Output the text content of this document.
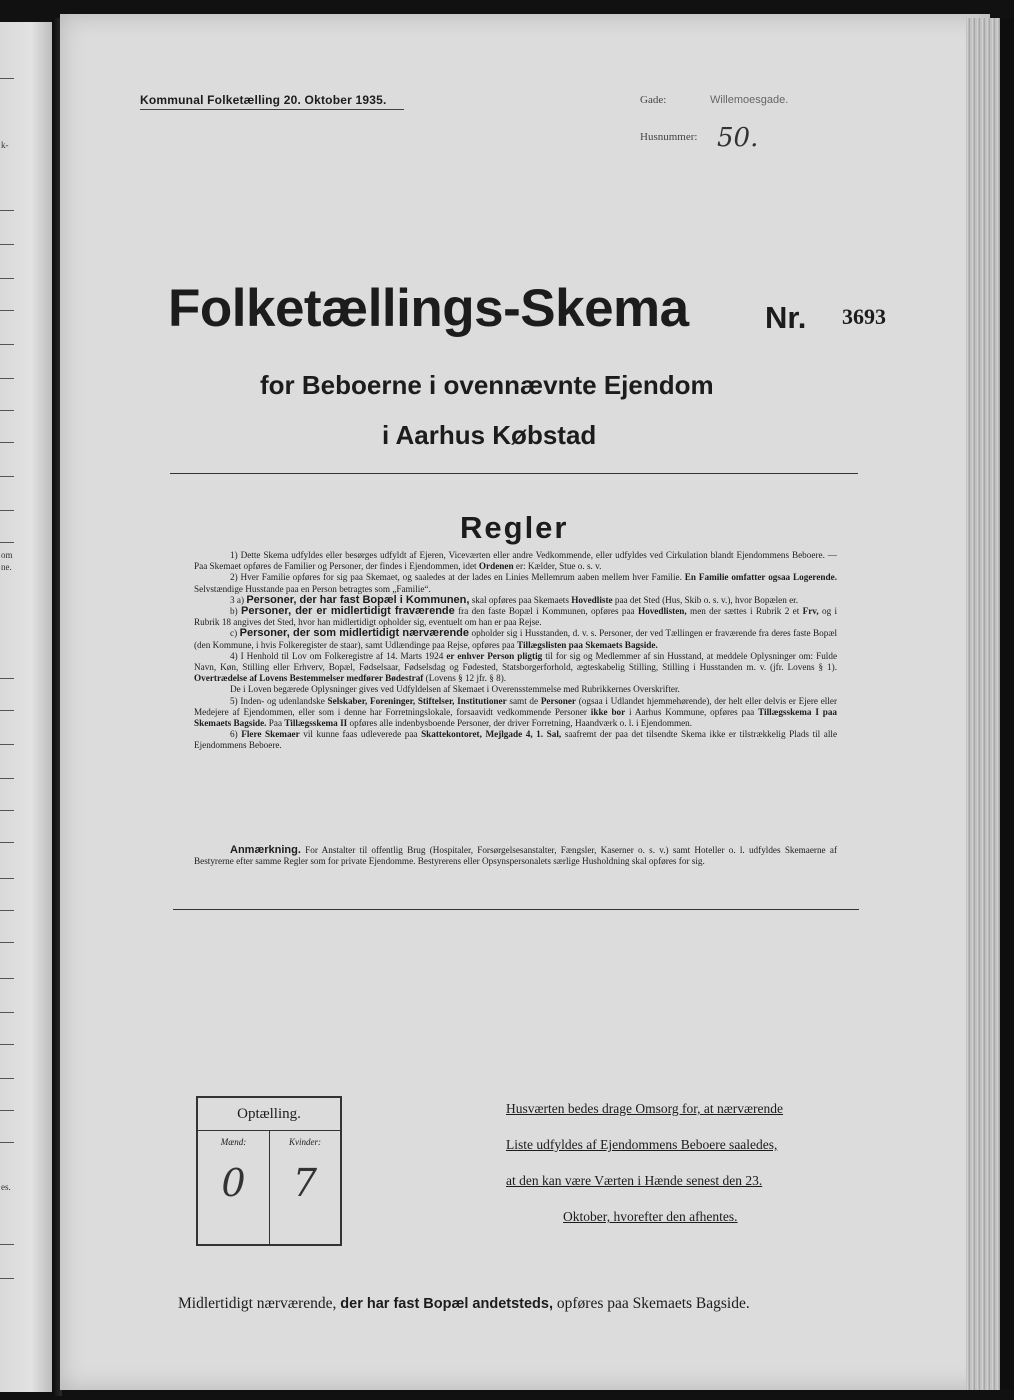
k-
om
ne.
es.
Kommunal Folketælling 20. Oktober 1935.	Gade:	Willemoesgade.
Husnummer: 50.
Folketællings-Skema Nr. 3693
for Beboerne i ovennævnte Ejendom
i Aarhus Købstad
Regler

1) Dette Skema udfyldes eller besørges udfyldt af Ejeren, Viceværten eller andre Vedkommende, eller udfyldes ved Cirkulation blandt Ejendommens Beboere. — Paa Skemaet opføres de Familier og Personer, der findes i Ejendommen, idet Ordenen er: Kælder, Stue o. s. v.

2) Hver Familie opføres for sig paa Skemaet, og saaledes at der lades en Linies Mellemrum aaben mellem hver Familie. En Familie omfatter ogsaa Logerende. Selvstændige Husstande paa en Person betragtes som „Familie“.

3 a) Personer, der har fast Bopæl i Kommunen, skal opføres paa Skemaets Hovedliste paa det Sted (Hus, Skib o. s. v.), hvor Bopælen er.

b) Personer, der er midlertidigt fraværende fra den faste Bopæl i Kommunen, opføres paa Hovedlisten, men der sættes i Rubrik 2 et Frv, og i Rubrik 18 angives det Sted, hvor han midlertidigt opholder sig, eventuelt om han er paa Rejse.

c) Personer, der som midlertidigt nærværende opholder sig i Husstanden, d. v. s. Personer, der ved Tællingen er fraværende fra deres faste Bopæl (den Kommune, i hvis Folkeregister de staar), samt Udlændinge paa Rejse, opføres paa Tillægslisten paa Skemaets Bagside.

4) I Henhold til Lov om Folkeregistre af 14. Marts 1924 er enhver Person pligtig til for sig og Medlemmer af sin Husstand, at meddele Oplysninger om: Fulde Navn, Køn, Stilling eller Erhverv, Bopæl, Fødselsaar, Fødselsdag og Fødested, Statsborgerforhold, ægteskabelig Stilling, Stilling i Husstanden m. v. (jfr. Lovens § 1). Overtrædelse af Lovens Bestemmelser medfører Bødestraf (Lovens § 12 jfr. § 8).

De i Loven begærede Oplysninger gives ved Udfyldelsen af Skemaet i Overensstemmelse med Rubrikkernes Overskrifter.

5) Inden- og udenlandske Selskaber, Foreninger, Stiftelser, Institutioner samt de Personer (ogsaa i Udlandet hjemmehørende), der helt eller delvis er Ejere eller Medejere af Ejendommen, eller som i denne har Forretningslokale, forsaavidt vedkommende Personer ikke bor i Aarhus Kommune, opføres paa Tillægsskema I paa Skemaets Bagside. Paa Tillægsskema II opføres alle indenbysboende Personer, der driver Forretning, Haandværk o. l. i Ejendommen.

6) Flere Skemaer vil kunne faas udleverede paa Skattekontoret, Mejlgade 4, 1. Sal, saafremt der paa det tilsendte Skema ikke er tilstrækkelig Plads til alle Ejendommens Beboere.

Anmærkning. For Anstalter til offentlig Brug (Hospitaler, Forsørgelsesanstalter, Fængsler, Kaserner o. s. v.) samt Hoteller o. l. udfyldes Skemaerne af Bestyrerne efter samme Regler som for private Ejendomme. Bestyrerens eller Opsynspersonalets særlige Husholdning skal opføres for sig.

Optælling.
Mænd:
0
Kvinder:
7
Husværten bedes drage Omsorg for, at nærværende
Liste udfyldes af Ejendommens Beboere saaledes,
at den kan være Værten i Hænde senest den 23.
Oktober, hvorefter den afhentes.
Midlertidigt nærværende, der har fast Bopæl andetsteds, opføres paa Skemaets Bagside.
